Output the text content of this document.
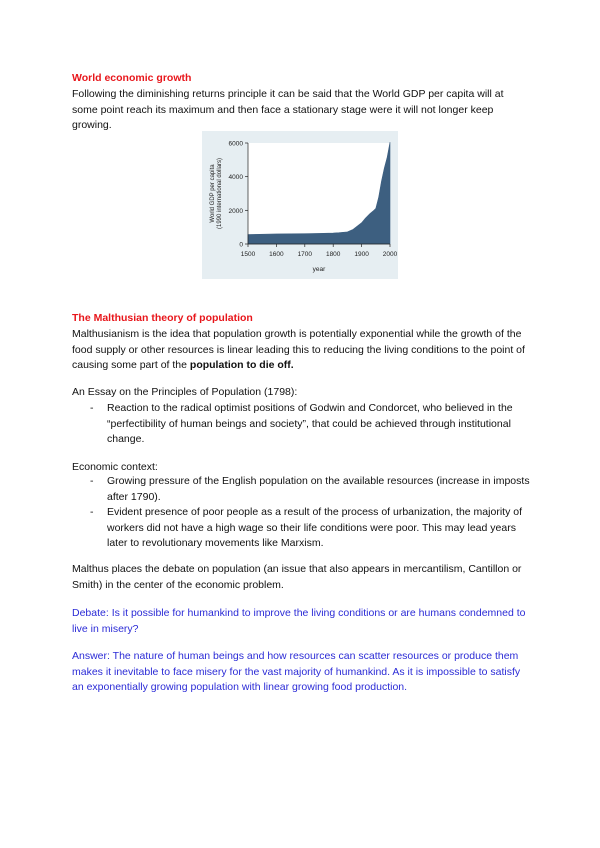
World economic growth

Following the diminishing returns principle it can be said that the World GDP per capita will at some point reach its maximum and then face a stationary stage were it will not longer keep growing.

0
2000
4000
6000
1500 1600 1700 1800 1900 2000
year
World GDP per capita (1990 international dollars)
The Malthusian theory of population

Malthusianism is the idea that population growth is potentially exponential while the growth of the food supply or other resources is linear leading this to reducing the living conditions to the point of causing some part of the population to die off.

An Essay on the Principles of Population (1798):

- Reaction to the radical optimist positions of Godwin and Condorcet, who believed in the “perfectibility of human beings and society”, that could be achieved through institutional change.

Economic context:

- Growing pressure of the English population on the available resources (increase in imposts after 1790).
- Evident presence of poor people as a result of the process of urbanization, the majority of workers did not have a high wage so their life conditions were poor. This may lead years later to revolutionary movements like Marxism.

Malthus places the debate on population (an issue that also appears in mercantilism, Cantillon or Smith) in the center of the economic problem.

Debate: Is it possible for humankind to improve the living conditions or are humans condemned to live in misery?

Answer: The nature of human beings and how resources can scatter resources or produce them makes it inevitable to face misery for the vast majority of humankind. As it is impossible to satisfy an exponentially growing population with linear growing food production.
